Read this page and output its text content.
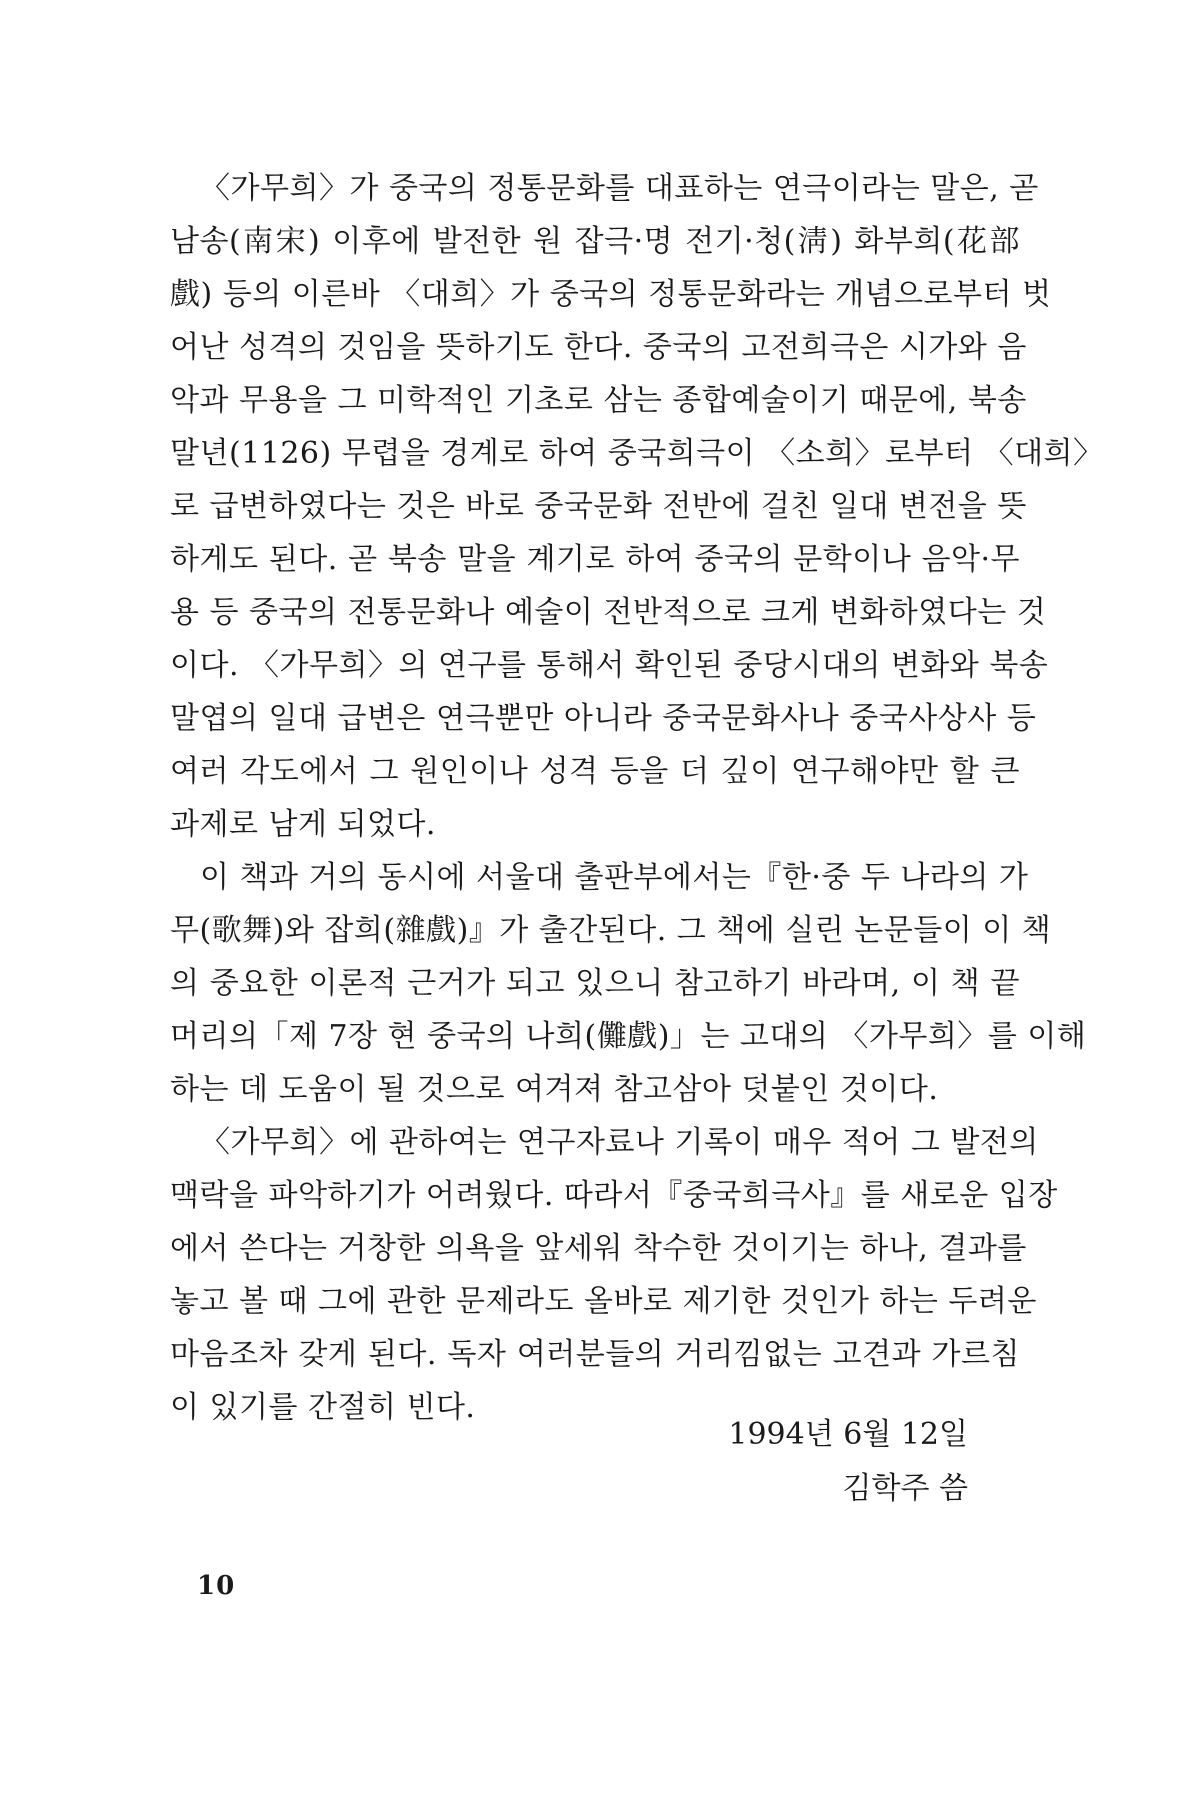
〈가무희〉가 중국의 정통문화를 대표하는 연극이라는 말은, 곧
남송(南宋) 이후에 발전한 원 잡극·명 전기·청(淸) 화부희(花部
戲) 등의 이른바 〈대희〉가 중국의 정통문화라는 개념으로부터 벗
어난 성격의 것임을 뜻하기도 한다. 중국의 고전희극은 시가와 음
악과 무용을 그 미학적인 기초로 삼는 종합예술이기 때문에, 북송
말년(1126) 무렵을 경계로 하여 중국희극이 〈소희〉로부터 〈대희〉
로 급변하였다는 것은 바로 중국문화 전반에 걸친 일대 변전을 뜻
하게도 된다. 곧 북송 말을 계기로 하여 중국의 문학이나 음악·무
용 등 중국의 전통문화나 예술이 전반적으로 크게 변화하였다는 것
이다. 〈가무희〉의 연구를 통해서 확인된 중당시대의 변화와 북송
말엽의 일대 급변은 연극뿐만 아니라 중국문화사나 중국사상사 등
여러 각도에서 그 원인이나 성격 등을 더 깊이 연구해야만 할 큰
과제로 남게 되었다.
이 책과 거의 동시에 서울대 출판부에서는『한·중 두 나라의 가
무(歌舞)와 잡희(雜戲)』가 출간된다. 그 책에 실린 논문들이 이 책
의 중요한 이론적 근거가 되고 있으니 참고하기 바라며, 이 책 끝
머리의「제 7장 현 중국의 나희(儺戲)」는 고대의 〈가무희〉를 이해
하는 데 도움이 될 것으로 여겨져 참고삼아 덧붙인 것이다.
〈가무희〉에 관하여는 연구자료나 기록이 매우 적어 그 발전의
맥락을 파악하기가 어려웠다. 따라서『중국희극사』를 새로운 입장
에서 쓴다는 거창한 의욕을 앞세워 착수한 것이기는 하나, 결과를
놓고 볼 때 그에 관한 문제라도 올바로 제기한 것인가 하는 두려운
마음조차 갖게 된다. 독자 여러분들의 거리낌없는 고견과 가르침
이 있기를 간절히 빈다.
1994년 6월 12일
김학주 씀
10
